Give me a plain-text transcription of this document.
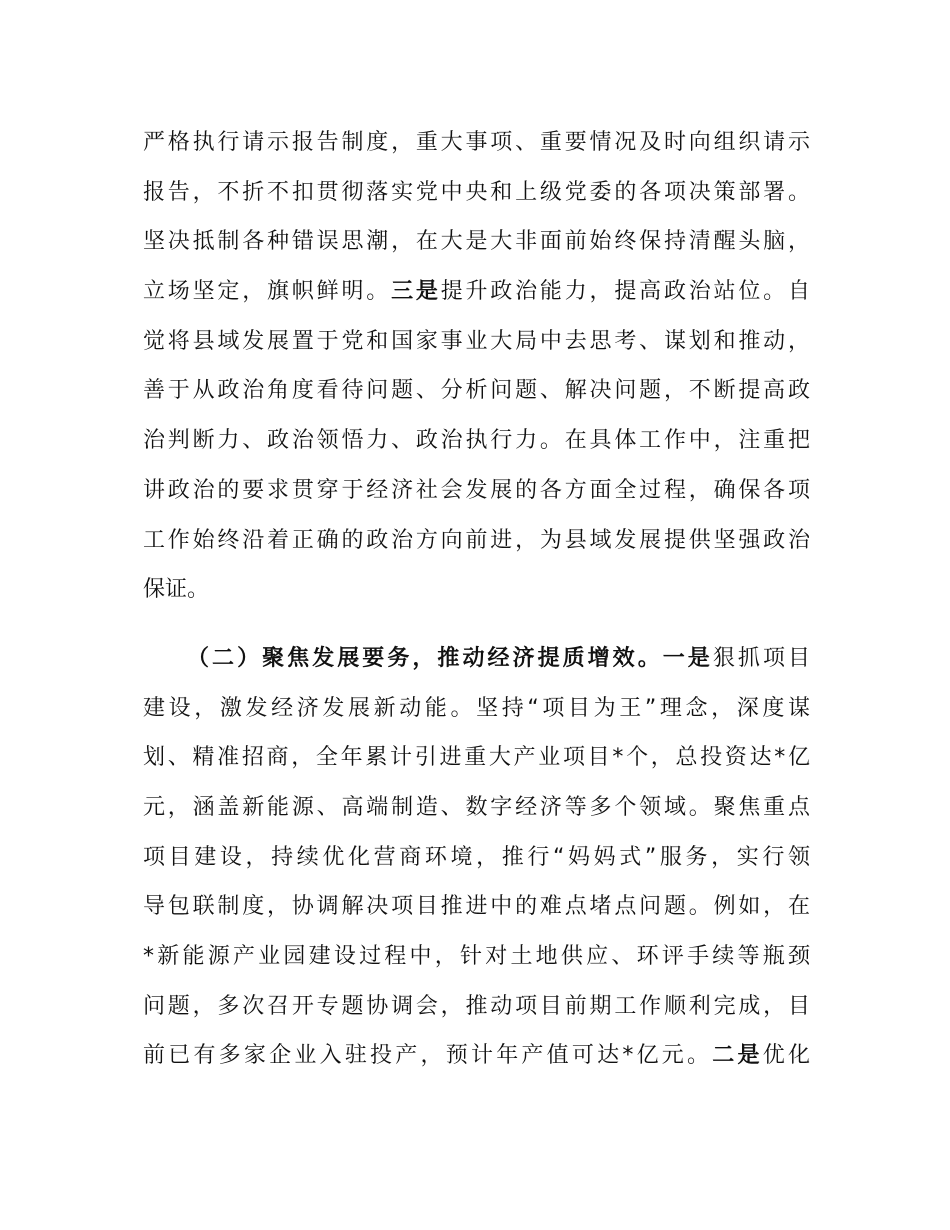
严格执行请示报告制度，重大事项、重要情况及时向组织请示
报告，不折不扣贯彻落实党中央和上级党委的各项决策部署。
坚决抵制各种错误思潮，在大是大非面前始终保持清醒头脑，
立场坚定，旗帜鲜明。三是提升政治能力，提高政治站位。自
觉将县域发展置于党和国家事业大局中去思考、谋划和推动，
善于从政治角度看待问题、分析问题、解决问题，不断提高政
治判断力、政治领悟力、政治执行力。在具体工作中，注重把
讲政治的要求贯穿于经济社会发展的各方面全过程，确保各项
工作始终沿着正确的政治方向前进，为县域发展提供坚强政治
保证。
（二）聚焦发展要务，推动经济提质增效。一是狠抓项目
建设，激发经济发展新动能。坚持“项目为王”理念，深度谋
划、精准招商，全年累计引进重大产业项目*个，总投资达*亿
元，涵盖新能源、高端制造、数字经济等多个领域。聚焦重点
项目建设，持续优化营商环境，推行“妈妈式”服务，实行领
导包联制度，协调解决项目推进中的难点堵点问题。例如，在
*新能源产业园建设过程中，针对土地供应、环评手续等瓶颈
问题，多次召开专题协调会，推动项目前期工作顺利完成，目
前已有多家企业入驻投产，预计年产值可达*亿元。二是优化
